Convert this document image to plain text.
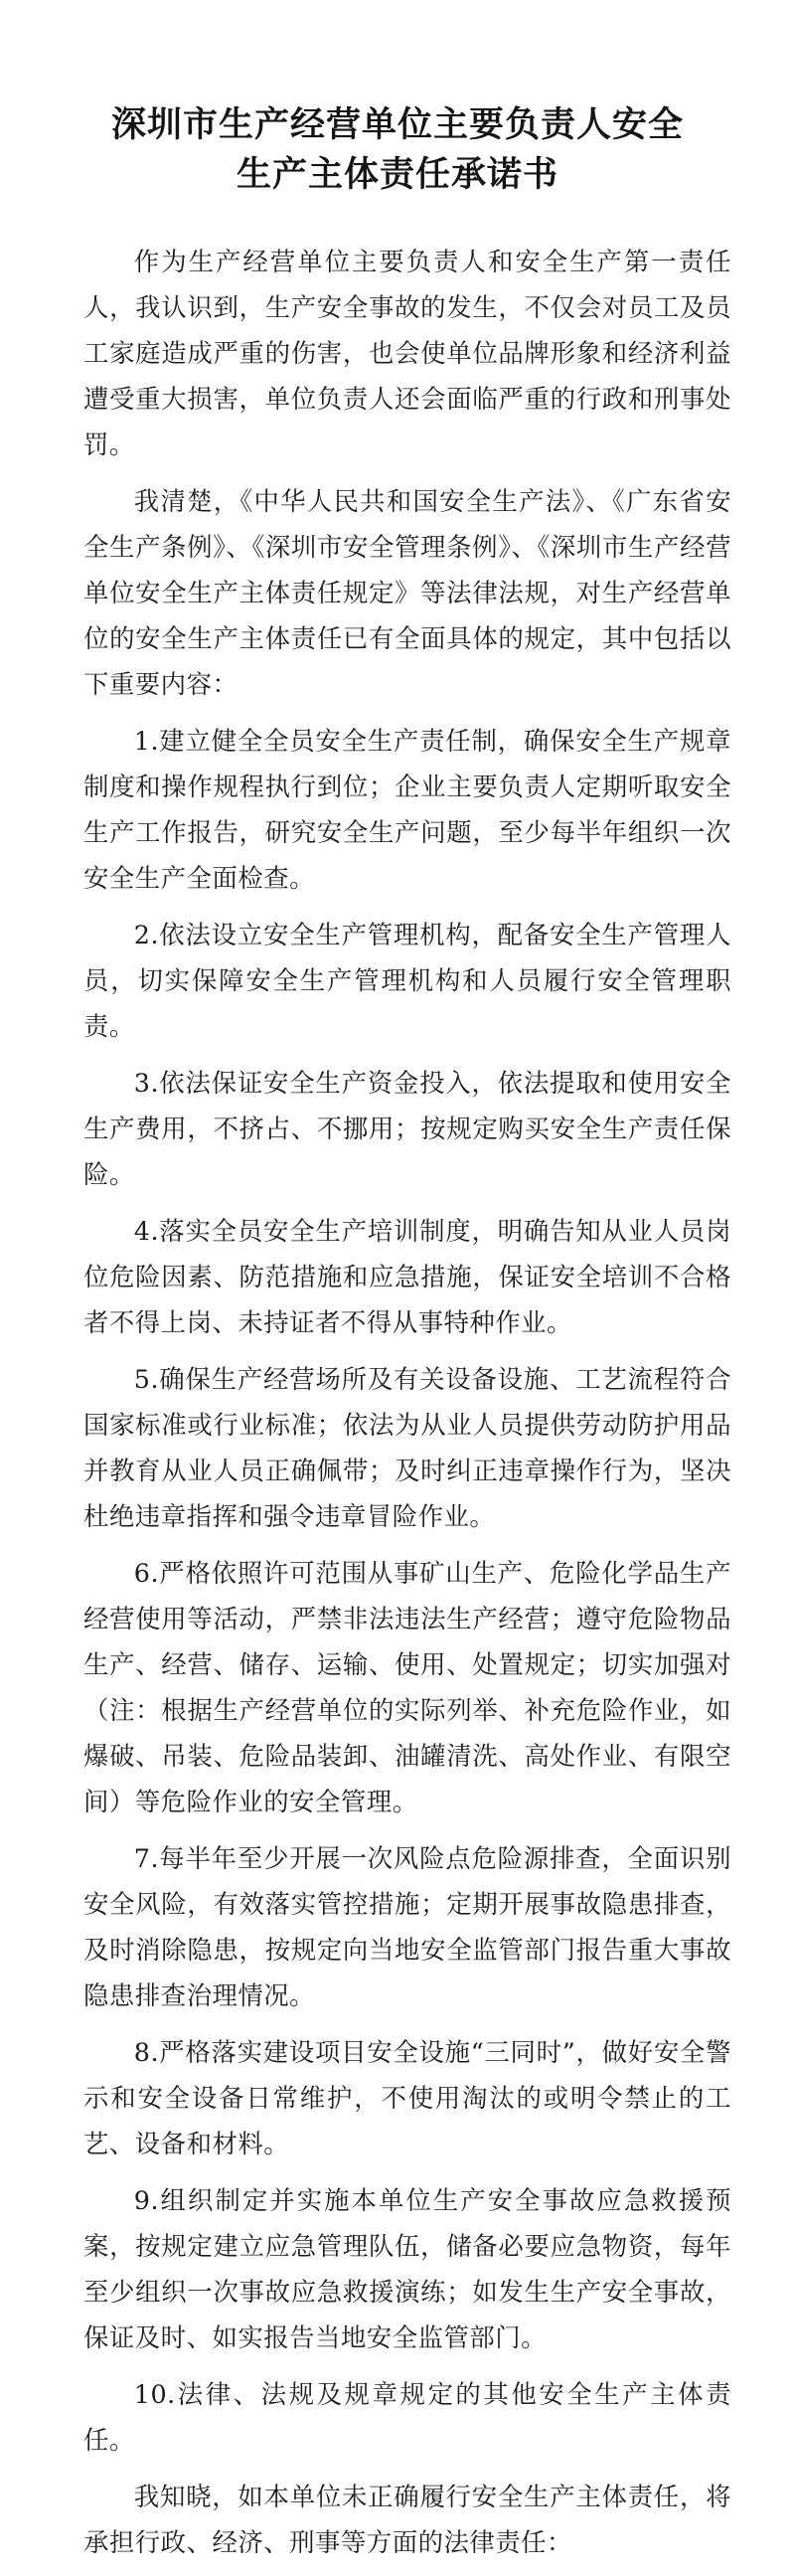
深圳市生产经营单位主要负责人安全
生产主体责任承诺书

作为生产经营单位主要负责人和安全生产第一责任人，我认识到，生产安全事故的发生，不仅会对员工及员工家庭造成严重的伤害，也会使单位品牌形象和经济利益遭受重大损害，单位负责人还会面临严重的行政和刑事处罚。

我清楚，《中华人民共和国安全生产法》、《广东省安全生产条例》、《深圳市安全管理条例》、《深圳市生产经营单位安全生产主体责任规定》等法律法规，对生产经营单位的安全生产主体责任已有全面具体的规定，其中包括以下重要内容：

1.建立健全全员安全生产责任制，确保安全生产规章制度和操作规程执行到位；企业主要负责人定期听取安全生产工作报告，研究安全生产问题，至少每半年组织一次安全生产全面检查。

2.依法设立安全生产管理机构，配备安全生产管理人员，切实保障安全生产管理机构和人员履行安全管理职责。

3.依法保证安全生产资金投入，依法提取和使用安全生产费用，不挤占、不挪用；按规定购买安全生产责任保险。

4.落实全员安全生产培训制度，明确告知从业人员岗位危险因素、防范措施和应急措施，保证安全培训不合格者不得上岗、未持证者不得从事特种作业。

5.确保生产经营场所及有关设备设施、工艺流程符合国家标准或行业标准；依法为从业人员提供劳动防护用品并教育从业人员正确佩带；及时纠正违章操作行为，坚决杜绝违章指挥和强令违章冒险作业。

6.严格依照许可范围从事矿山生产、危险化学品生产经营使用等活动，严禁非法违法生产经营；遵守危险物品生产、经营、储存、运输、使用、处置规定；切实加强对（注：根据生产经营单位的实际列举、补充危险作业，如爆破、吊装、危险品装卸、油罐清洗、高处作业、有限空间）等危险作业的安全管理。

7.每半年至少开展一次风险点危险源排查，全面识别安全风险，有效落实管控措施；定期开展事故隐患排查，及时消除隐患，按规定向当地安全监管部门报告重大事故隐患排查治理情况。

8.严格落实建设项目安全设施“三同时”，做好安全警示和安全设备日常维护，不使用淘汰的或明令禁止的工艺、设备和材料。

9.组织制定并实施本单位生产安全事故应急救援预案，按规定建立应急管理队伍，储备必要应急物资，每年至少组织一次事故应急救援演练；如发生生产安全事故，保证及时、如实报告当地安全监管部门。

10.法律、法规及规章规定的其他安全生产主体责任。

我知晓，如本单位未正确履行安全生产主体责任，将承担行政、经济、刑事等方面的法律责任：
